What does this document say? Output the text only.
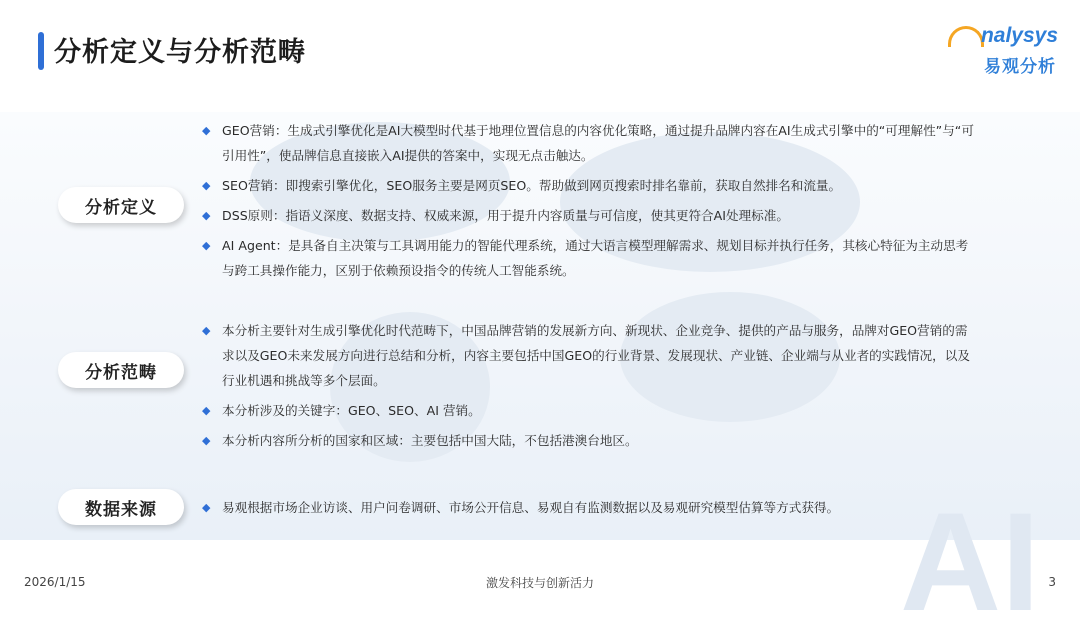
分析定义与分析范畴
nalysys
易观分析
AI
分析定义
◆ GEO营销：生成式引擎优化是AI大模型时代基于地理位置信息的内容优化策略，通过提升品牌内容在AI生成式引擎中的“可理解性”与“可引用性”，使品牌信息直接嵌入AI提供的答案中，实现无点击触达。
◆ SEO营销：即搜索引擎优化，SEO服务主要是网页SEO。帮助做到网页搜索时排名靠前，获取自然排名和流量。
◆ DSS原则：指语义深度、数据支持、权威来源，用于提升内容质量与可信度，使其更符合AI处理标准。
◆ AI Agent：是具备自主决策与工具调用能力的智能代理系统，通过大语言模型理解需求、规划目标并执行任务，其核心特征为主动思考与跨工具操作能力，区别于依赖预设指令的传统人工智能系统。
分析范畴
◆ 本分析主要针对生成引擎优化时代范畴下，中国品牌营销的发展新方向、新现状、企业竞争、提供的产品与服务，品牌对GEO营销的需求以及GEO未来发展方向进行总结和分析，内容主要包括中国GEO的行业背景、发展现状、产业链、企业端与从业者的实践情况，以及行业机遇和挑战等多个层面。
◆ 本分析涉及的关键字：GEO、SEO、AI 营销。
◆ 本分析内容所分析的国家和区域：主要包括中国大陆，不包括港澳台地区。
数据来源	◆ 易观根据市场企业访谈、用户问卷调研、市场公开信息、易观自有监测数据以及易观研究模型估算等方式获得。
2026/1/15	激发科技与创新活力	3
